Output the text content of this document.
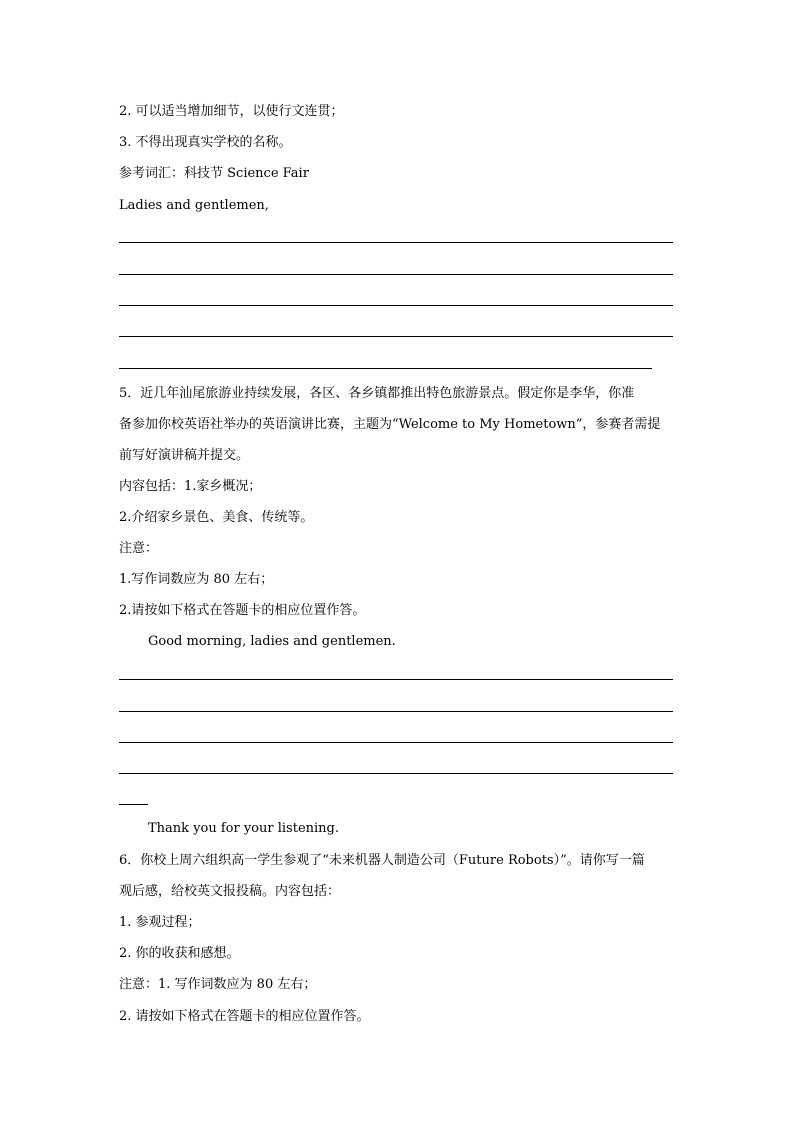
2. 可以适当增加细节，以使行文连贯；
3. 不得出现真实学校的名称。
参考词汇：科技节 Science Fair
Ladies and gentlemen,
5．近几年汕尾旅游业持续发展，各区、各乡镇都推出特色旅游景点。假定你是李华，你准
备参加你校英语社举办的英语演讲比赛，主题为“Welcome to My Hometown”，参赛者需提
前写好演讲稿并提交。
内容包括：1.家乡概况；
2.介绍家乡景色、美食、传统等。
注意：
1.写作词数应为 80 左右；
2.请按如下格式在答题卡的相应位置作答。
Good morning, ladies and gentlemen.
Thank you for your listening.
6．你校上周六组织高一学生参观了“未来机器人制造公司（Future Robots）”。请你写一篇
观后感，给校英文报投稿。内容包括：
1. 参观过程；
2. 你的收获和感想。
注意：1. 写作词数应为 80 左右；
2. 请按如下格式在答题卡的相应位置作答。
